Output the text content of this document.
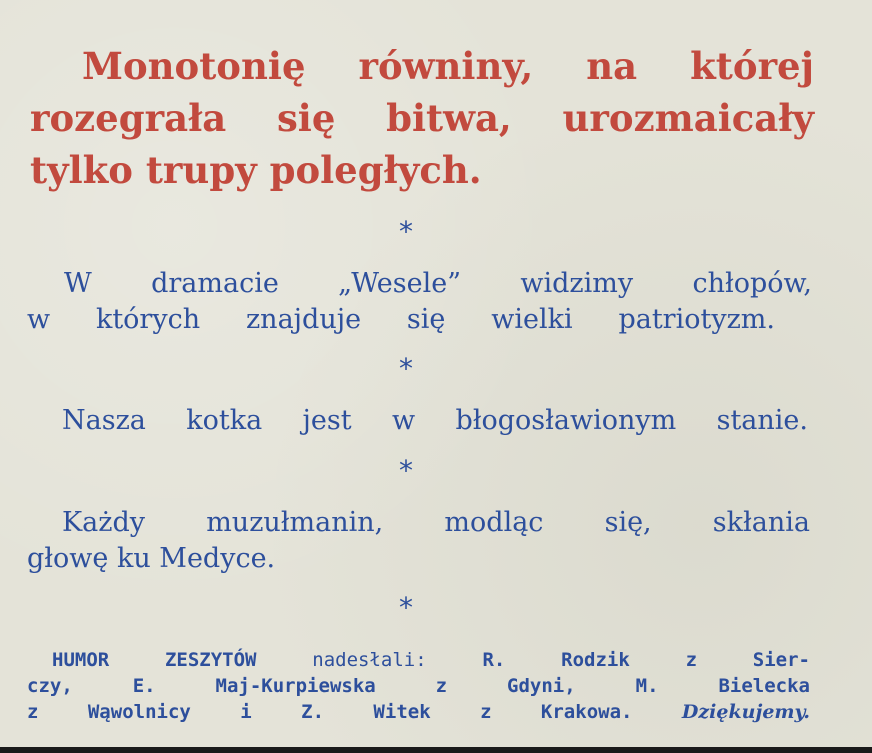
Monotonię równiny, na której
rozegrała się bitwa, urozmaicały
tylko trupy poległych.
*
W dramacie „Wesele” widzimy chłopów,
w których znajduje się wielki patriotyzm.
*
Nasza kotka jest w błogosławionym stanie.
*
Każdy muzułmanin, modląc się, skłania
głowę ku Medyce.
*
HUMOR ZESZYTÓW	nadesłali:	R. Rodzik z Sier-
czy, E. Maj-Kurpiewska z Gdyni, M. Bielecka
z Wąwolnicy i Z. Witek z Krakowa.	Dziękujemy.
